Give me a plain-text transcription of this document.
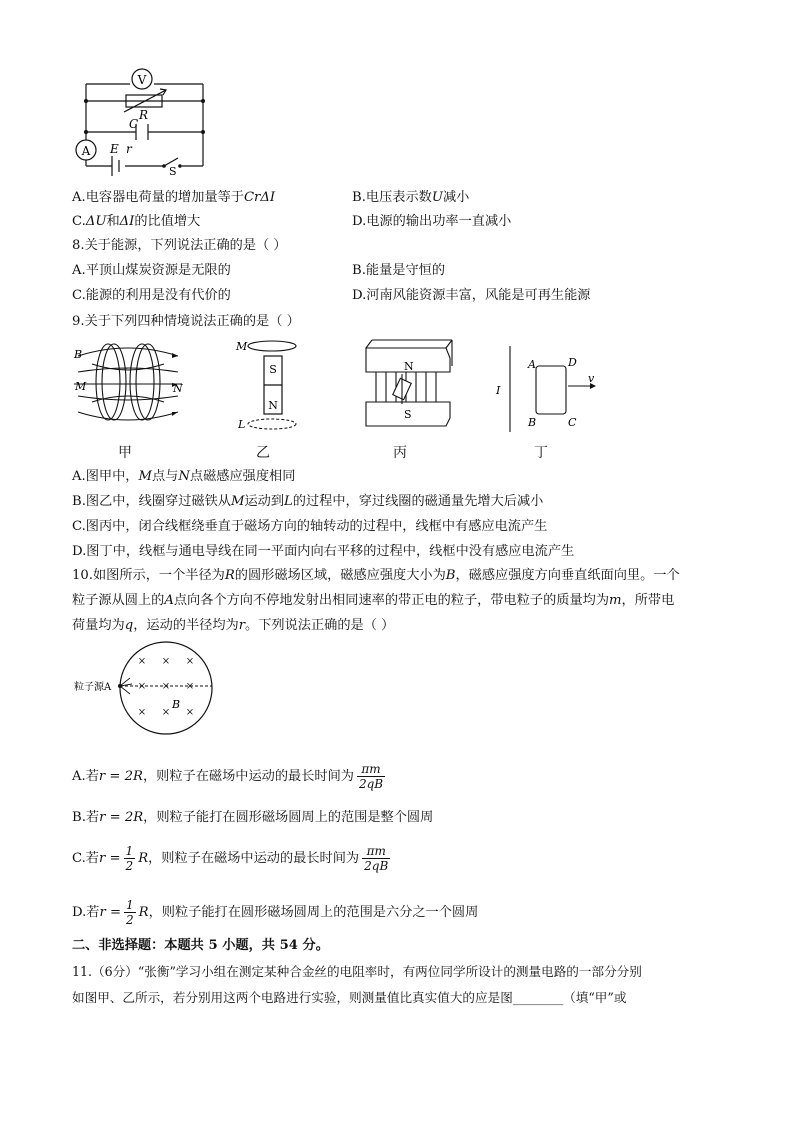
V
A
R
C
E r
S
A.电容器电荷量的增加量等于CrΔI	B.电压表示数U减小
C.ΔU和ΔI的比值增大	D.电源的输出功率一直减小
8.关于能源，下列说法正确的是（ ）
A.平顶山煤炭资源是无限的	B.能量是守恒的
C.能源的利用是没有代价的	D.河南风能资源丰富，风能是可再生能源
9.关于下列四种情境说法正确的是（ ）
B
M	N
甲
S
N
M
L
乙
N
S
丙
I
A	D
B	C
v
丁
A.图甲中，M点与N点磁感应强度相同
B.图乙中，线圈穿过磁铁从M运动到L的过程中，穿过线圈的磁通量先增大后减小
C.图丙中，闭合线框绕垂直于磁场方向的轴转动的过程中，线框中有感应电流产生
D.图丁中，线框与通电导线在同一平面内向右平移的过程中，线框中没有感应电流产生
10.如图所示，一个半径为R的圆形磁场区域，磁感应强度大小为B，磁感应强度方向垂直纸面向里。一个
粒子源从圆上的A点向各个方向不停地发射出相同速率的带正电的粒子，带电粒子的质量均为m，所带电
荷量均为q，运动的半径均为r。下列说法正确的是（ ）
× × ×
× × ×
× × ×
粒子源A
B
A.若r = 2R，则粒子在磁场中运动的最长时间为 $\frac{\pi m}{2qB}$
B.若r = 2R，则粒子能打在圆形磁场圆周上的范围是整个圆周
C.若$r = \frac{1}{2}$ R，则粒子在磁场中运动的最长时间为 $\frac{\pi m}{2qB}$
D.若$r = \frac{1}{2}$ R，则粒子能打在圆形磁场圆周上的范围是六分之一个圆周
二、非选择题：本题共 5 小题，共 54 分。
11.（6分）“张衡”学习小组在测定某种合金丝的电阻率时，有两位同学所设计的测量电路的一部分分别
如图甲、乙所示，若分别用这两个电路进行实验，则测量值比真实值大的应是图________（填“甲”或
